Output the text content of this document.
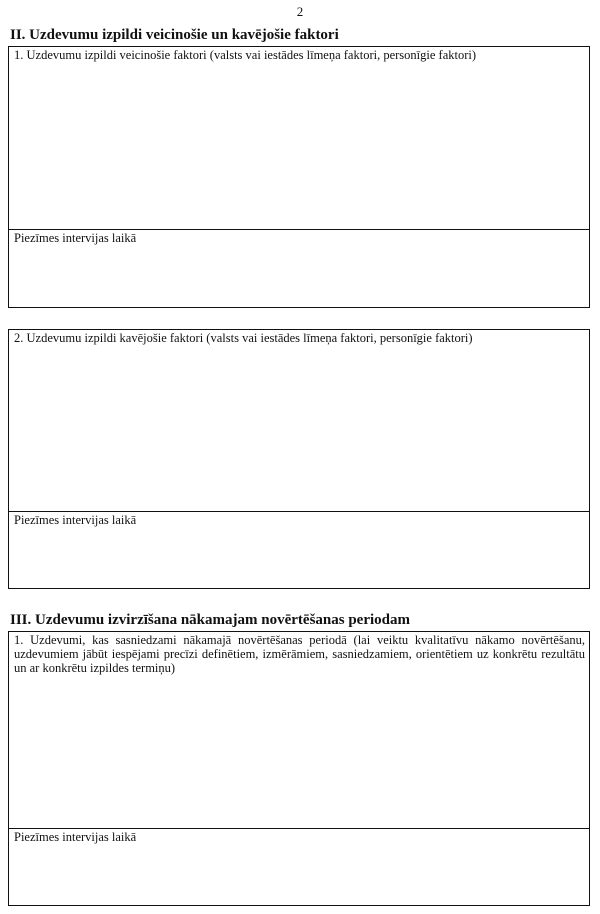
2
II. Uzdevumu izpildi veicinošie un kavējošie faktori
1. Uzdevumu izpildi veicinošie faktori (valsts vai iestādes līmeņa faktori, personīgie faktori)
Piezīmes intervijas laikā
2. Uzdevumu izpildi kavējošie faktori (valsts vai iestādes līmeņa faktori, personīgie faktori)
Piezīmes intervijas laikā
III. Uzdevumu izvirzīšana nākamajam novērtēšanas periodam
1. Uzdevumi, kas sasniedzami nākamajā novērtēšanas periodā (lai veiktu kvalitatīvu nākamo novērtēšanu, uzdevumiem jābūt iespējami precīzi definētiem, izmērāmiem, sasniedzamiem, orientētiem uz konkrētu rezultātu un ar konkrētu izpildes termiņu)
Piezīmes intervijas laikā
